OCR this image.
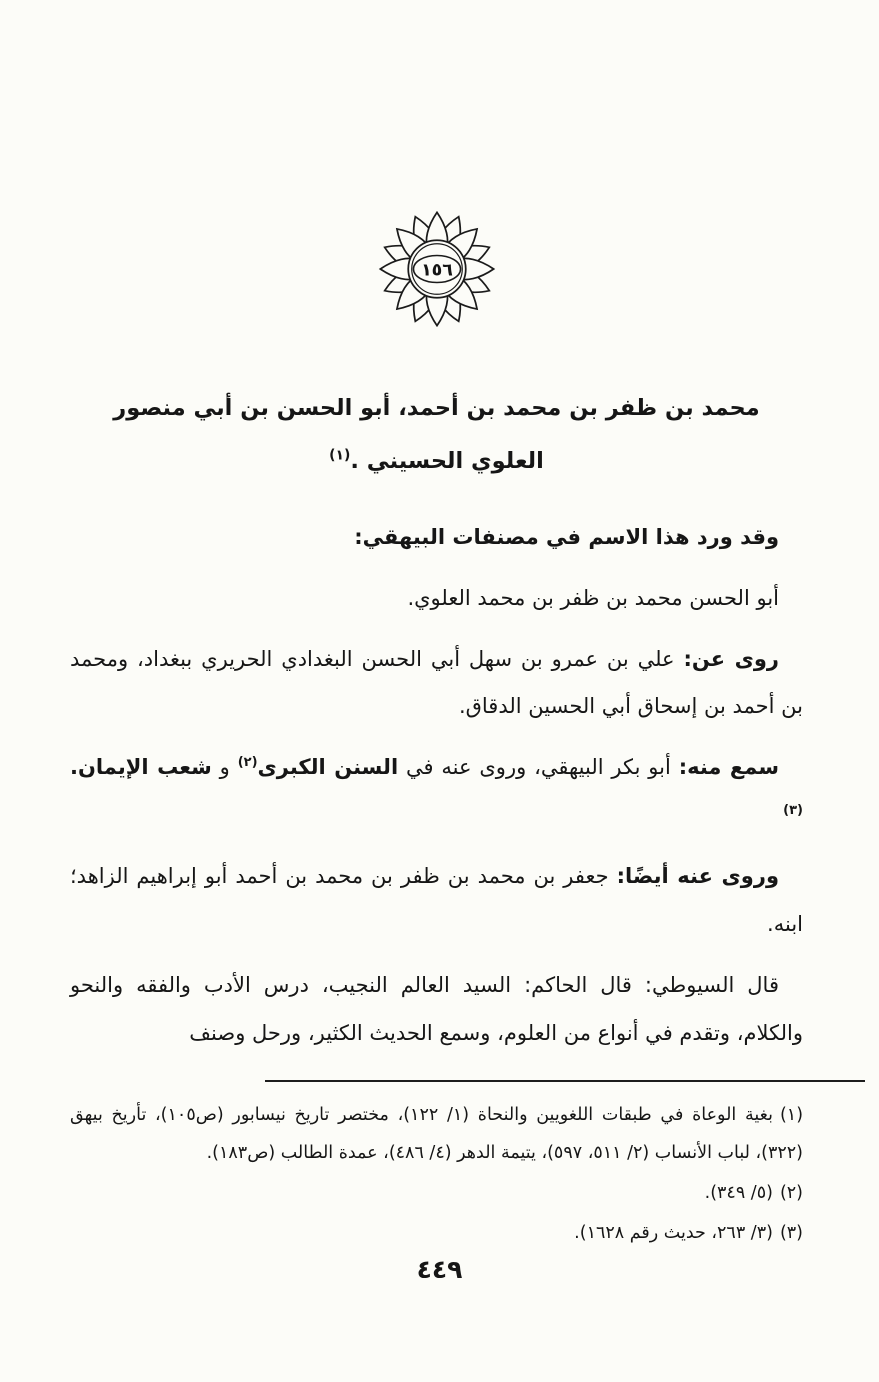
١٥٦
محمد بن ظفر بن محمد بن أحمد، أبو الحسن بن أبي منصور
العلوي الحسيني .$^{(١)}$

وقد ورد هذا الاسم في مصنفات البيهقي:

أبو الحسن محمد بن ظفر بن محمد العلوي.

روى عن: علي بن عمرو بن سهل أبي الحسن البغدادي الحريري ببغداد، ومحمد بن أحمد بن إسحاق أبي الحسين الدقاق.

سمع منه: أبو بكر البيهقي، وروى عنه في السنن الكبرى$^{(٢)}$ و شعب الإيمان.$^{(٣)}$

وروى عنه أيضًا: جعفر بن محمد بن ظفر بن محمد بن أحمد أبو إبراهيم الزاهد؛ ابنه.

قال السيوطي: قال الحاكم: السيد العالم النجيب، درس الأدب والفقه والنحو والكلام، وتقدم في أنواع من العلوم، وسمع الحديث الكثير، ورحل وصنف

(١)بغية الوعاة في طبقات اللغويين والنحاة (١/ ١٢٢)، مختصر تاريخ نيسابور (ص١٠٥)، تأريخ بيهق (٣٢٢)، لباب الأنساب (٢/ ٥١١، ٥٩٧)، يتيمة الدهر (٤/ ٤٨٦)، عمدة الطالب (ص١٨٣).
(٢)(٥/ ٣٤٩).
(٣)(٣/ ٢٦٣، حديث رقم ١٦٢٨).
٤٤٩
